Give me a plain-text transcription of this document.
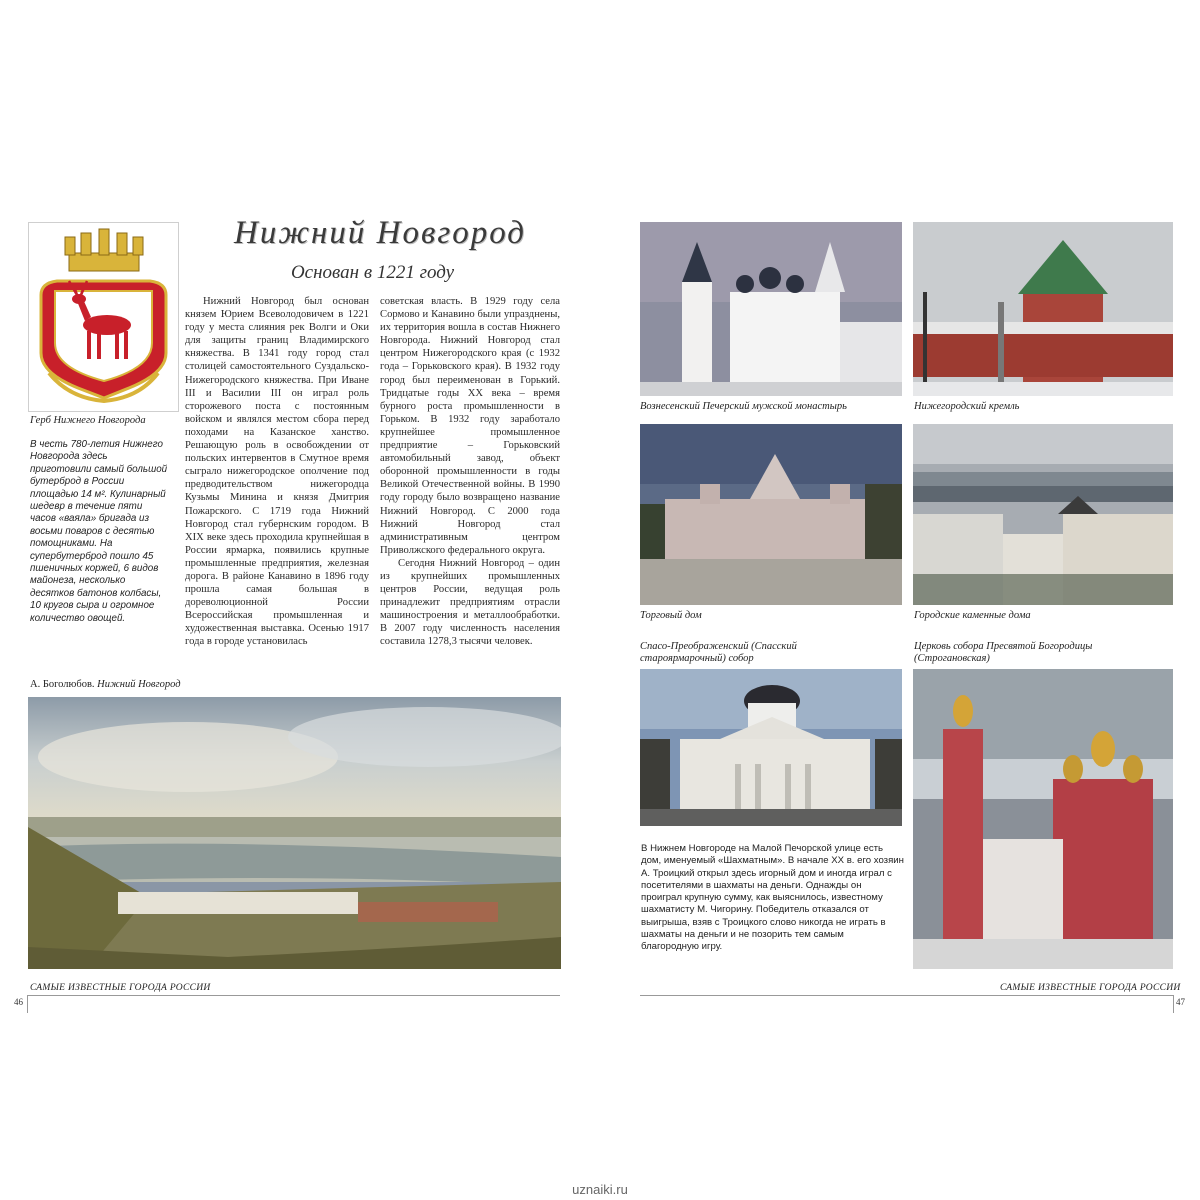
Герб Нижнего Новгорода
В честь 780-летия Нижнего Новгорода здесь приготовили самый большой бутерброд в России площадью 14 м². Кулинарный шедевр в течение пяти часов «ваяла» бригада из восьми поваров с десятью помощниками. На супербутерброд пошло 45 пшеничных коржей, 6 видов майонеза, несколько десятков батонов колбасы, 10 кругов сыра и огромное количество овощей.
Нижний Новгород
Основан в 1221 году

Нижний Новгород был основан князем Юрием Всеволодовичем в 1221 году у места слияния рек Волги и Оки для защиты границ Владимирского княжества. В 1341 году город стал столицей самостоятельного Суздальско-Нижегородского княжества. При Иване III и Василии III он играл роль сторожевого поста с постоянным войском и являлся местом сбора перед походами на Казанское ханство. Решающую роль в освобождении от польских интервентов в Смутное время сыграло нижегородское ополчение под предводительством нижегородца Кузьмы Минина и князя Дмитрия Пожарского. С 1719 года Нижний Новгород стал губернским городом. В XIX веке здесь проходила крупнейшая в России ярмарка, появились крупные промышленные предприятия, железная дорога. В районе Канавино в 1896 году прошла самая большая в дореволюционной России Всероссийская промышленная и художественная выставка. Осенью 1917 года в городе установилась

советская власть. В 1929 году села Сормово и Канавино были упразднены, их территория вошла в состав Нижнего Новгорода. Нижний Новгород стал центром Нижегородского края (с 1932 года – Горьковского края). В 1932 году город был переименован в Горький. Тридцатые годы XX века – время бурного роста промышленности в Горьком. В 1932 году заработало крупнейшее промышленное предприятие – Горьковский автомобильный завод, объект оборонной промышленности в годы Великой Отечественной войны. В 1990 году городу было возвращено название Нижний Новгород. С 2000 года Нижний Новгород стал административным центром Приволжского федерального округа.

Сегодня Нижний Новгород – один из крупнейших промышленных центров России, ведущая роль принадлежит предприятиям отрасли машиностроения и металлообработки. В 2007 году численность населения составила 1278,3 тысячи человек.

А. Боголюбов. Нижний Новгород
САМЫЕ ИЗВЕСТНЫЕ ГОРОДА РОССИИ
46
Вознесенский Печерский мужской монастырь	Нижегородский кремль
Торговый дом	Городские каменные дома
Спасо-Преображенский (Спасский староярмарочный) собор
Церковь собора Пресвятой Богородицы (Строгановская)
В Нижнем Новгороде на Малой Печорской улице есть дом, именуемый «Шахматным». В начале XX в. его хозяин А. Троицкий открыл здесь игорный дом и иногда играл с посетителями в шахматы на деньги. Однажды он проиграл крупную сумму, как выяснилось, известному шахматисту М. Чигорину. Победитель отказался от выигрыша, взяв с Троицкого слово никогда не играть в шахматы на деньги и не позорить тем самым благородную игру.
САМЫЕ ИЗВЕСТНЫЕ ГОРОДА РОССИИ
47
uznaiki.ru
